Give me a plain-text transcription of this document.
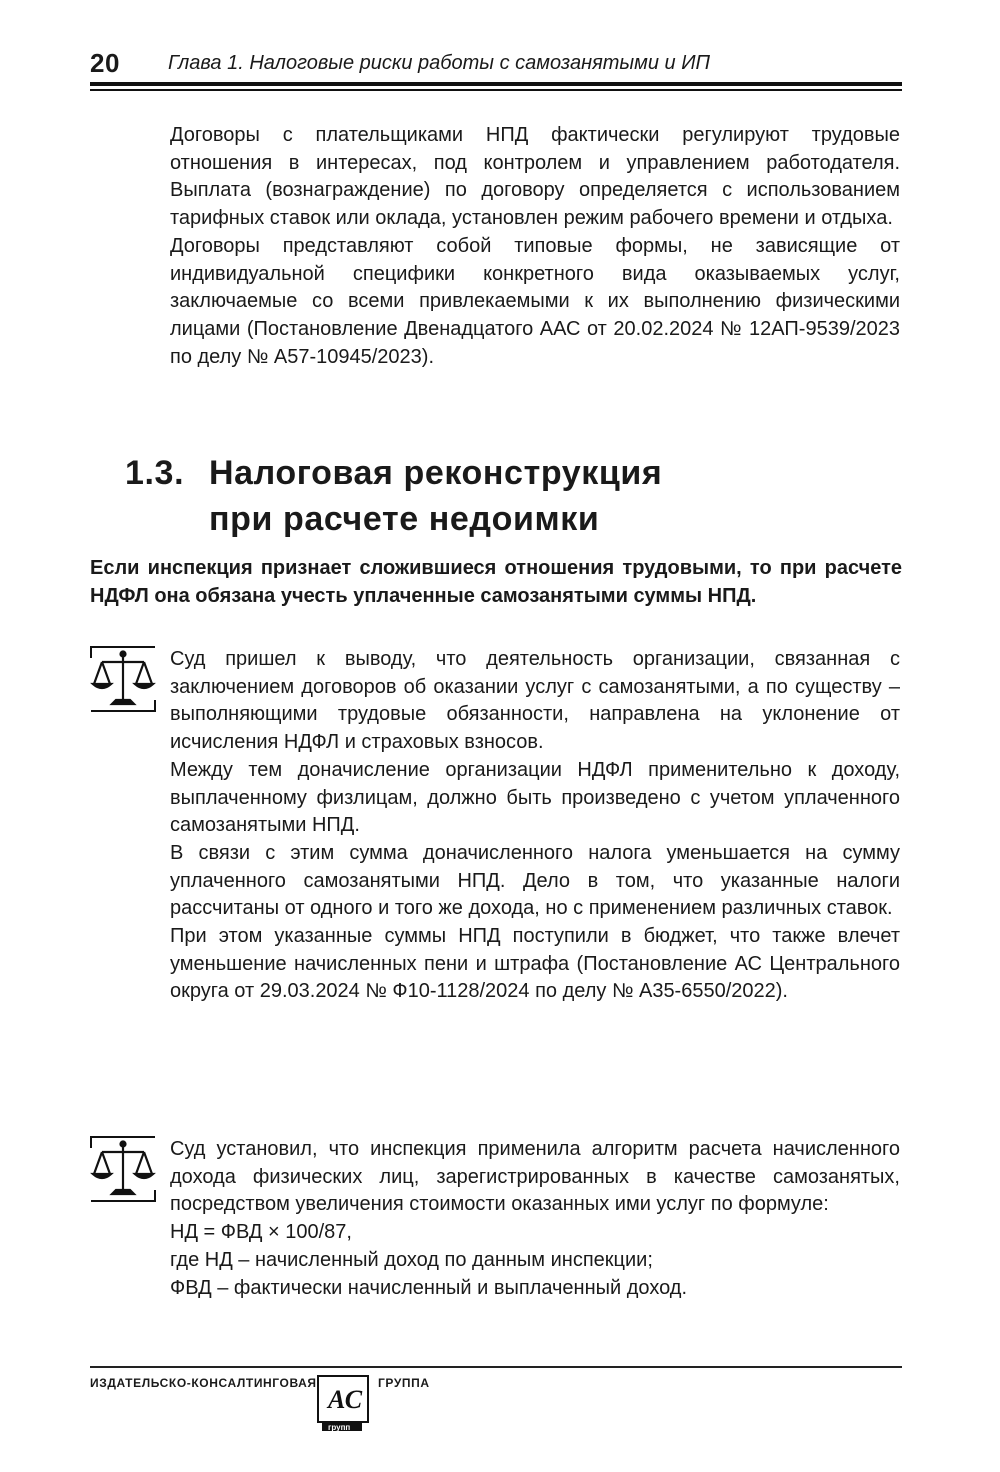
20 Глава 1. Налоговые риски работы с самозанятыми и ИП

Договоры с плательщиками НПД фактически регулируют трудовые отношения в интересах, под контролем и управлением работодателя. Выплата (вознаграждение) по договору определяется с использованием тарифных ставок или оклада, установлен режим рабочего времени и отдыха.

Договоры представляют собой типовые формы, не зависящие от индивидуальной специфики конкретного вида оказываемых услуг, заключаемые со всеми привлекаемыми к их выполнению физическими лицами (Постановление Двенадцатого ААС от 20.02.2024 № 12АП-9539/2023 по делу № А57-10945/2023).

1.3. Налоговая реконструкция
при расчете недоимки

Если инспекция признает сложившиеся отношения трудовыми, то при расчете НДФЛ она обязана учесть уплаченные самозанятыми суммы НПД.

Суд пришел к выводу, что деятельность организации, связанная с заключением договоров об оказании услуг с самозанятыми, а по существу – выполняющими трудовые обязанности, направлена на уклонение от исчисления НДФЛ и страховых взносов.

Между тем доначисление организации НДФЛ применительно к доходу, выплаченному физлицам, должно быть произведено с учетом уплаченного самозанятыми НПД.

В связи с этим сумма доначисленного налога уменьшается на сумму уплаченного самозанятыми НПД. Дело в том, что указанные налоги рассчитаны от одного и того же дохода, но с применением различных ставок.

При этом указанные суммы НПД поступили в бюджет, что также влечет уменьшение начисленных пени и штрафа (Постановление АС Центрального округа от 29.03.2024 № Ф10-1128/2024 по делу № А35-6550/2022).

Суд установил, что инспекция применила алгоритм расчета начисленного дохода физических лиц, зарегистрированных в качестве самозанятых, посредством увеличения стоимости оказанных ими услуг по формуле:

НД = ФВД × 100/87,

где НД – начисленный доход по данным инспекции;

ФВД – фактически начисленный и выплаченный доход.

ИЗДАТЕЛЬСКО-КОНСАЛТИНГОВАЯ
АС
групп
ГРУППА
